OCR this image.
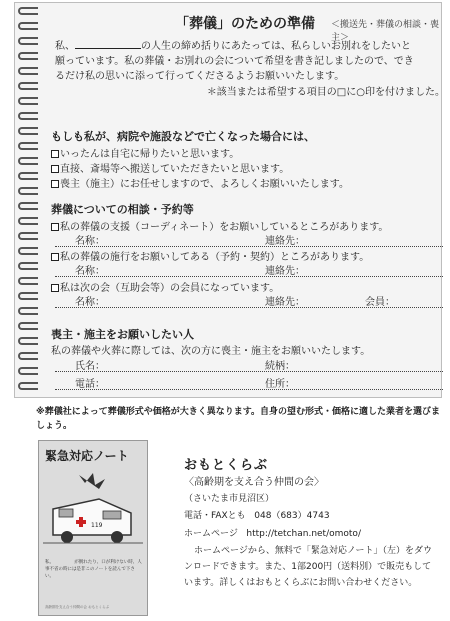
「葬儀」のための準備 ＜搬送先・葬儀の相談・喪主＞

私、	の人生の締め括りにあたっては、私らしいお別れをしたいと

願っています。私の葬儀・お別れの会について希望を書き記しましたので、でき

るだけ私の思いに添って行ってくださるようお願いいたします。

＊該当または希望する項目の□に○印を付けました。

もしも私が、病院や施設などで亡くなった場合には、
いったんは自宅に帰りたいと思います。
直接、斎場等へ搬送していただきたいと思います。
喪主（施主）にお任せしますので、よろしくお願いいたします。
葬儀についての相談・予約等
私の葬儀の支援（コーディネート）をお願いしているところがあります。
名称：	連絡先：
私の葬儀の施行をお願いしてある（予約・契約）ところがあります。
名称：	連絡先：
私は次の会（互助会等）の会員になっています。
名称：	連絡先：	会員：
喪主・施主をお願いしたい人
私の葬儀や火葬に際しては、次の方に喪主・施主をお願いいたします。
氏名：	続柄：
電話：	住所：
※葬儀社によって葬儀形式や価格が大きく異なります。自身の望む形式・価格に適した業者を選びましょう。
緊急対応ノート
119
私、　　　　　が倒れたり、口が利けない時、人事不省の時には是非このノートを読んで下さい。
高齢期を支え合う仲間の会 おもとくらぶ
おもとくらぶ
〈高齢期を支え合う仲間の会〉
（さいたま市見沼区）
電話・FAXとも 048（683）4743
ホームページ http://tetchan.net/omoto/
ホームページから、無料で「緊急対応ノート」（左）をダウンロードできます。また、1部200円（送料別）で販売もしています。詳しくはおもとくらぶにお問い合わせください。
